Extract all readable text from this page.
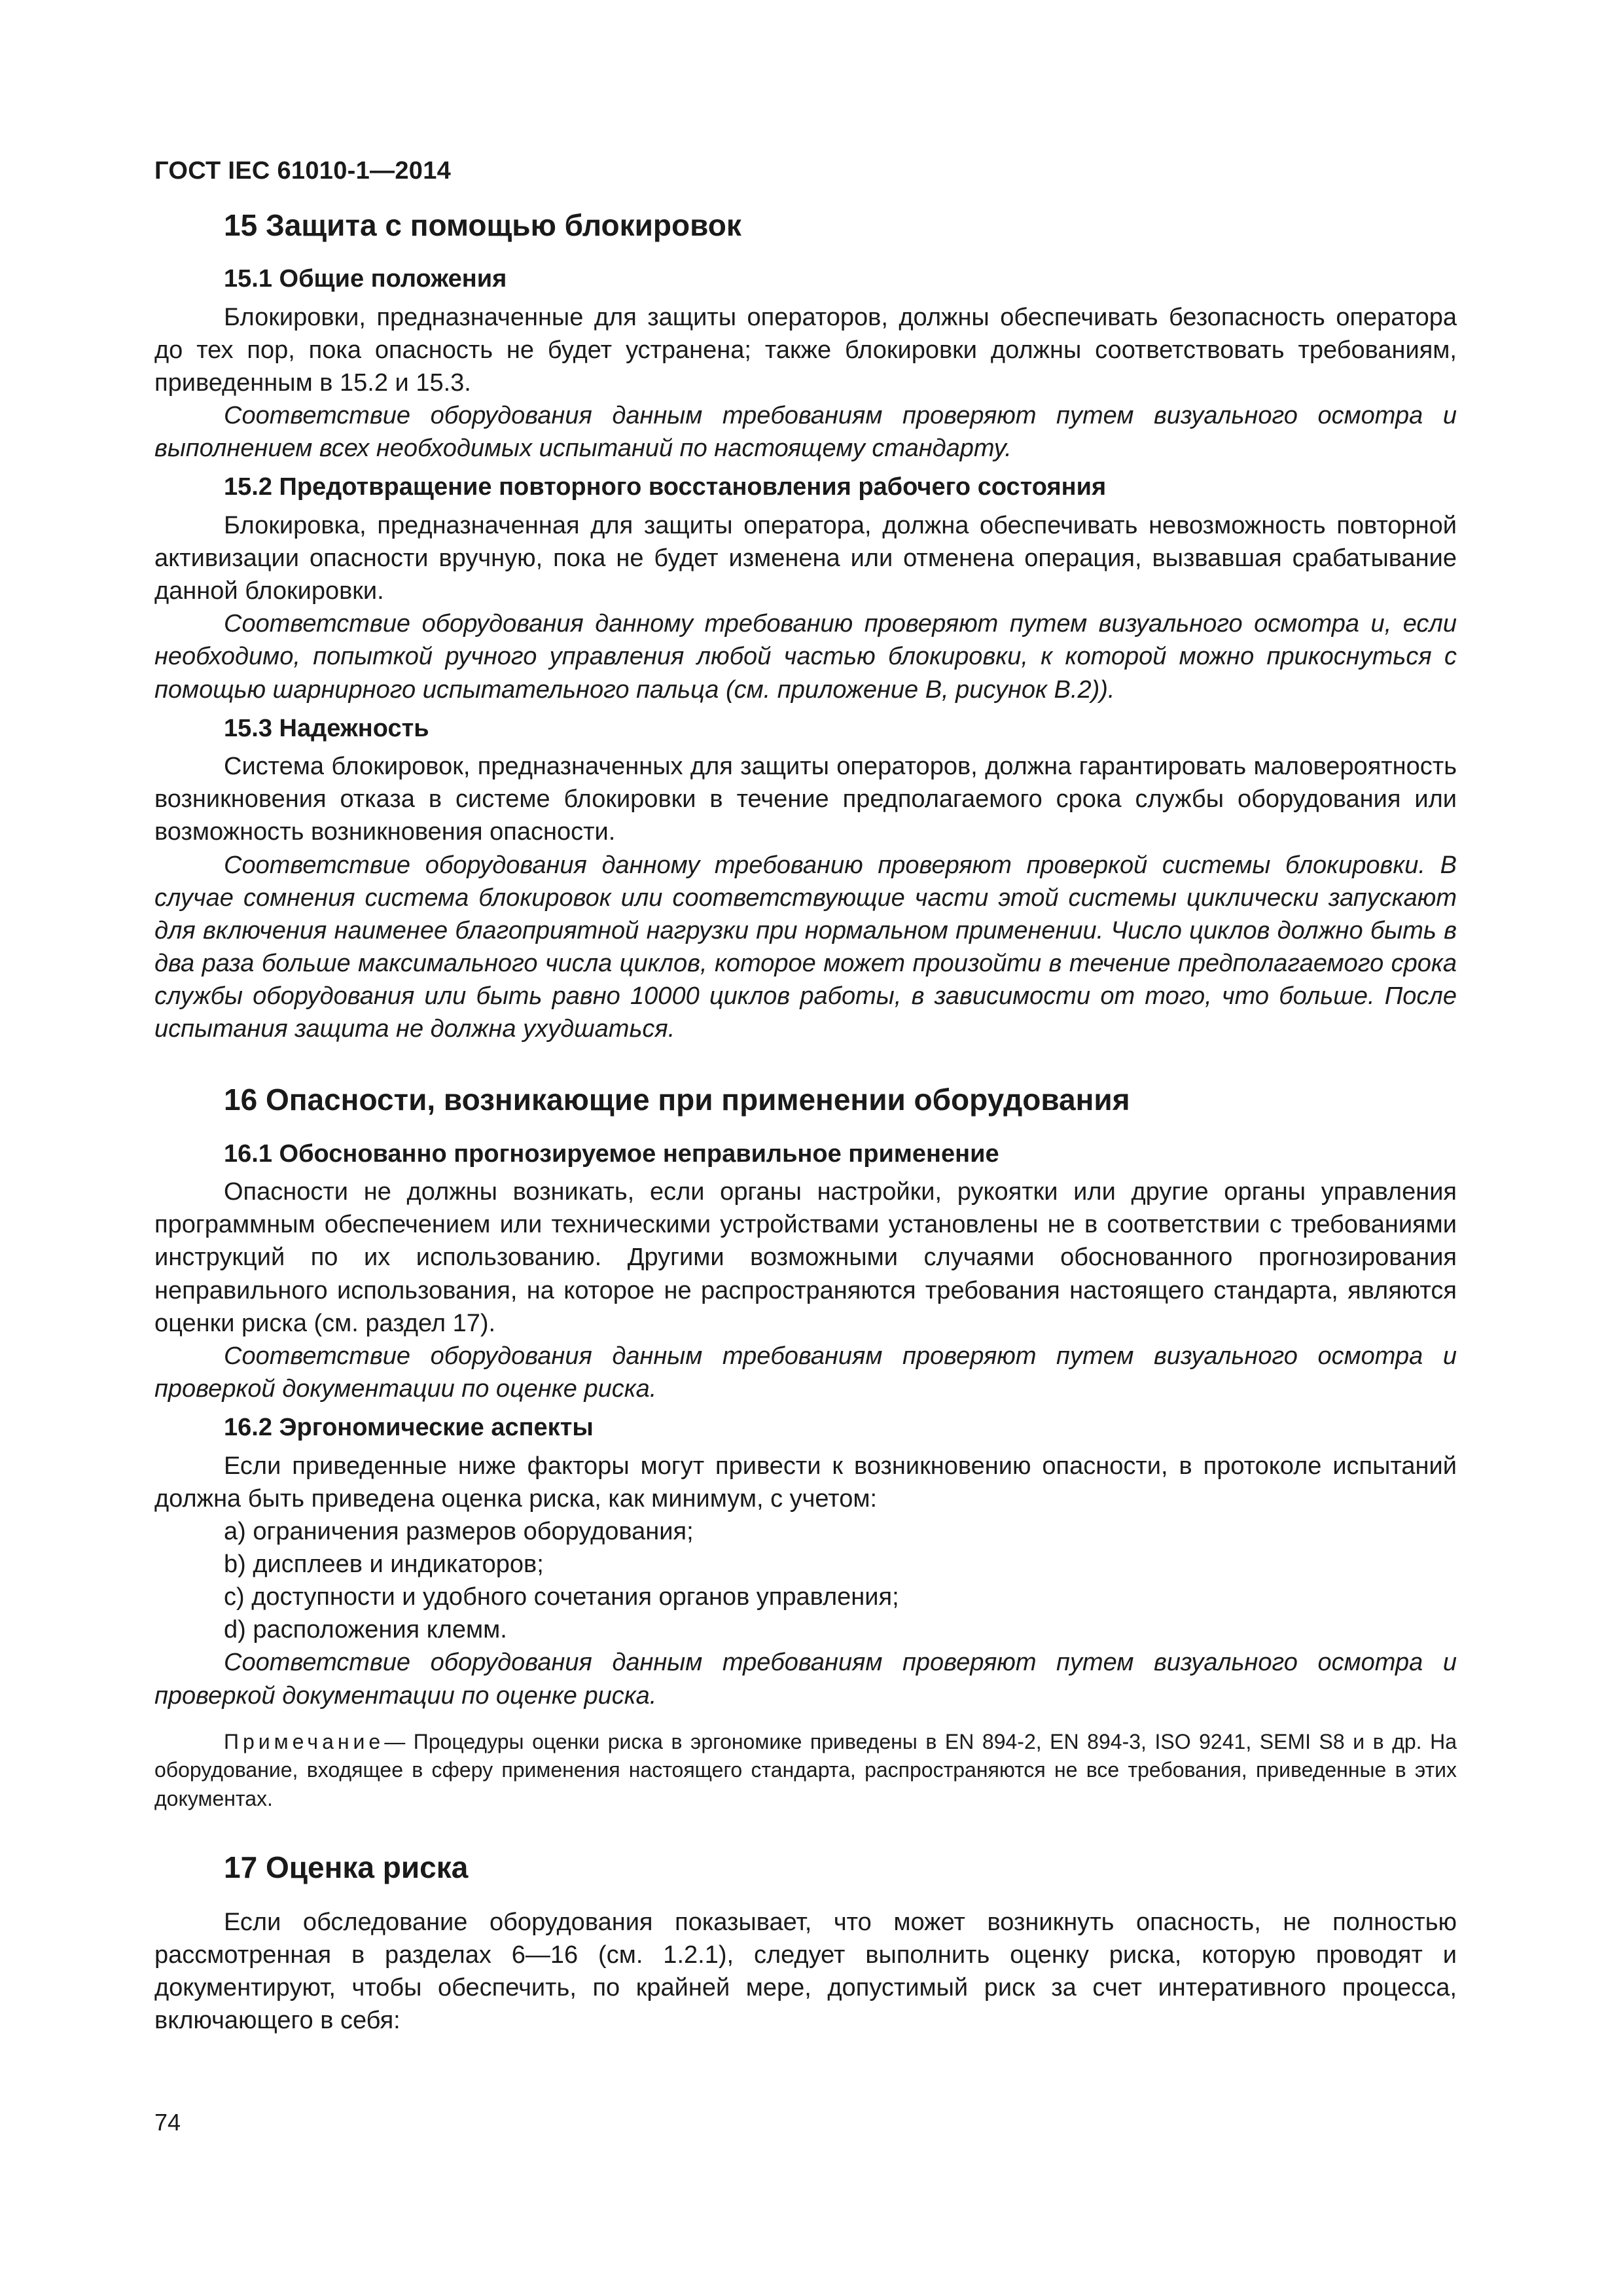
ГОСТ IEC 61010-1—2014
15 Защита с помощью блокировок
15.1 Общие положения

Блокировки, предназначенные для защиты операторов, должны обеспечивать безопасность оператора до тех пор, пока опасность не будет устранена; также блокировки должны соответствовать требованиям, приведенным в 15.2 и 15.3.

Соответствие оборудования данным требованиям проверяют путем визуального осмотра и выполнением всех необходимых испытаний по настоящему стандарту.

15.2 Предотвращение повторного восстановления рабочего состояния

Блокировка, предназначенная для защиты оператора, должна обеспечивать невозможность повторной активизации опасности вручную, пока не будет изменена или отменена операция, вызвавшая срабатывание данной блокировки.

Соответствие оборудования данному требованию проверяют путем визуального осмотра и, если необходимо, попыткой ручного управления любой частью блокировки, к которой можно прикоснуться с помощью шарнирного испытательного пальца (см. приложение В, рисунок В.2)).

15.3 Надежность

Система блокировок, предназначенных для защиты операторов, должна гарантировать маловероятность возникновения отказа в системе блокировки в течение предполагаемого срока службы оборудования или возможность возникновения опасности.

Соответствие оборудования данному требованию проверяют проверкой системы блокировки. В случае сомнения система блокировок или соответствующие части этой системы циклически запускают для включения наименее благоприятной нагрузки при нормальном применении. Число циклов должно быть в два раза больше максимального числа циклов, которое может произойти в течение предполагаемого срока службы оборудования или быть равно 10000 циклов работы, в зависимости от того, что больше. После испытания защита не должна ухудшаться.

16 Опасности, возникающие при применении оборудования
16.1 Обоснованно прогнозируемое неправильное применение

Опасности не должны возникать, если органы настройки, рукоятки или другие органы управления программным обеспечением или техническими устройствами установлены не в соответствии с требованиями инструкций по их использованию. Другими возможными случаями обоснованного прогнозирования неправильного использования, на которое не распространяются требования настоящего стандарта, являются оценки риска (см. раздел 17).

Соответствие оборудования данным требованиям проверяют путем визуального осмотра и проверкой документации по оценке риска.

16.2 Эргономические аспекты

Если приведенные ниже факторы могут привести к возникновению опасности, в протоколе испытаний должна быть приведена оценка риска, как минимум, с учетом:

a) ограничения размеров оборудования;
b) дисплеев и индикаторов;
c) доступности и удобного сочетания органов управления;
d) расположения клемм.

Соответствие оборудования данным требованиям проверяют путем визуального осмотра и проверкой документации по оценке риска.

Примечание— Процедуры оценки риска в эргономике приведены в EN 894-2, EN 894-3, ISO 9241, SEMI S8 и в др. На оборудование, входящее в сферу применения настоящего стандарта, распространяются не все требования, приведенные в этих документах.
17 Оценка риска

Если обследование оборудования показывает, что может возникнуть опасность, не полностью рассмотренная в разделах 6—16 (см. 1.2.1), следует выполнить оценку риска, которую проводят и документируют, чтобы обеспечить, по крайней мере, допустимый риск за счет интеративного процесса, включающего в себя:

74
